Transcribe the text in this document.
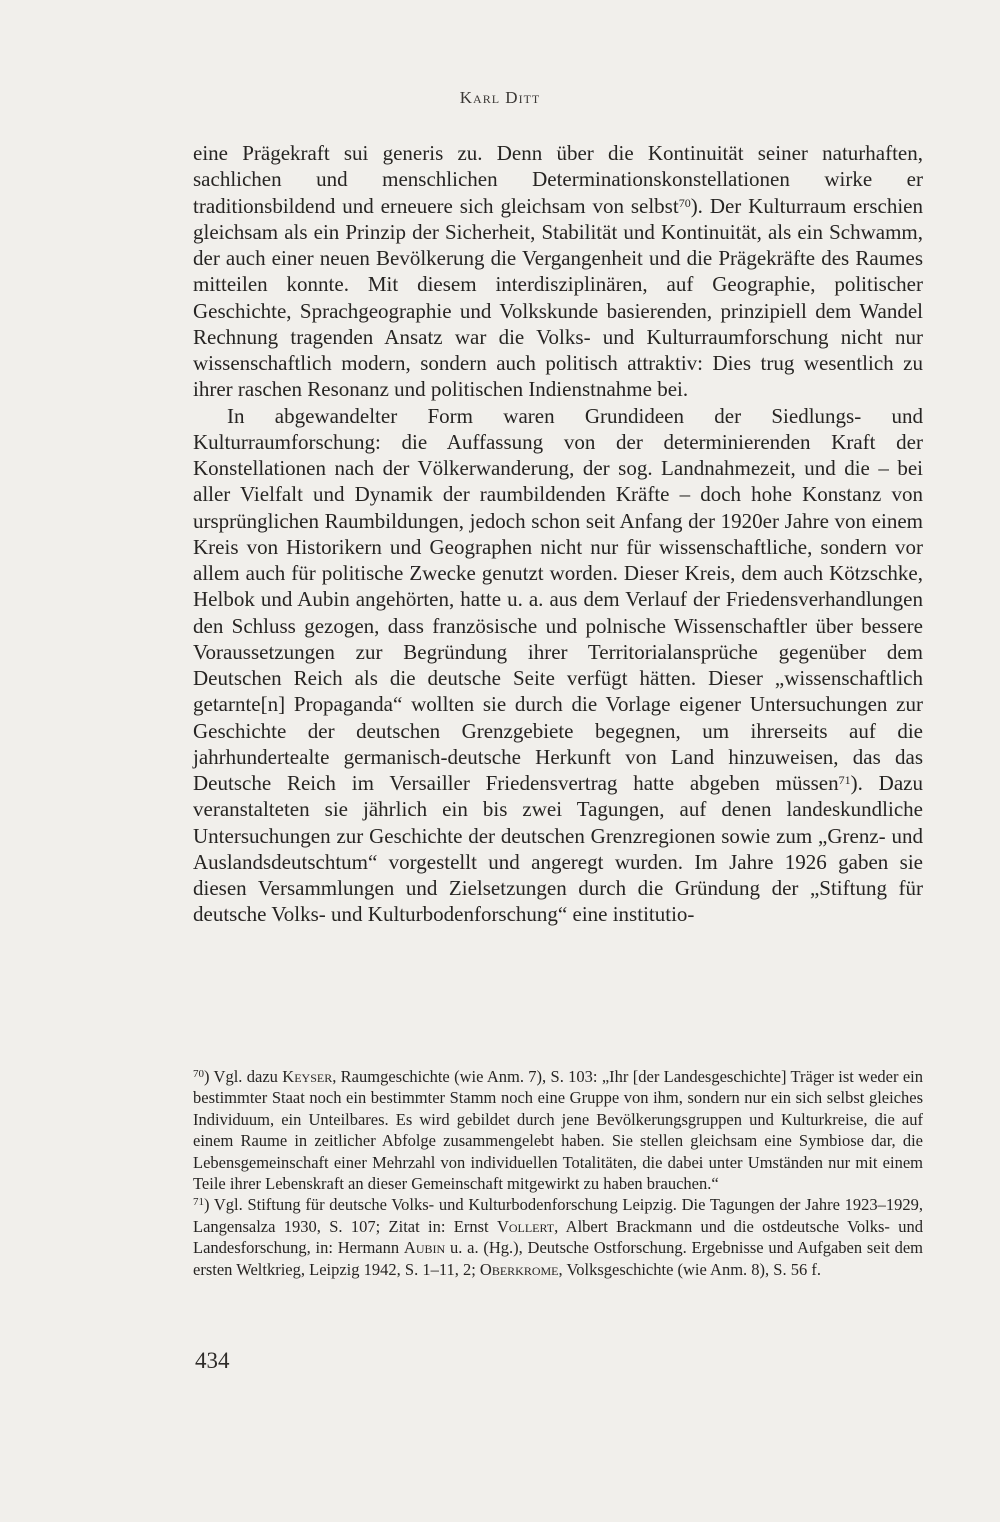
Karl Ditt

eine Prägekraft sui generis zu. Denn über die Kontinuität seiner naturhaften, sachlichen und menschlichen Determinationskonstellationen wirke er traditionsbildend und erneuere sich gleichsam von selbst$^{70}$). Der Kulturraum erschien gleichsam als ein Prinzip der Sicherheit, Stabilität und Kontinuität, als ein Schwamm, der auch einer neuen Bevölkerung die Vergangenheit und die Prägekräfte des Raumes mitteilen konnte. Mit diesem interdisziplinären, auf Geographie, politischer Geschichte, Sprachgeographie und Volkskunde basierenden, prinzipiell dem Wandel Rechnung tragenden Ansatz war die Volks- und Kulturraumforschung nicht nur wissenschaftlich modern, sondern auch politisch attraktiv: Dies trug wesentlich zu ihrer raschen Resonanz und politischen Indienstnahme bei.

In abgewandelter Form waren Grundideen der Siedlungs- und Kulturraumforschung: die Auffassung von der determinierenden Kraft der Konstellationen nach der Völkerwanderung, der sog. Landnahmezeit, und die – bei aller Vielfalt und Dynamik der raumbildenden Kräfte – doch hohe Konstanz von ursprünglichen Raumbildungen, jedoch schon seit Anfang der 1920er Jahre von einem Kreis von Historikern und Geographen nicht nur für wissenschaftliche, sondern vor allem auch für politische Zwecke genutzt worden. Dieser Kreis, dem auch Kötzschke, Helbok und Aubin angehörten, hatte u. a. aus dem Verlauf der Friedensverhandlungen den Schluss gezogen, dass französische und polnische Wissenschaftler über bessere Voraussetzungen zur Begründung ihrer Territorialansprüche gegenüber dem Deutschen Reich als die deutsche Seite verfügt hätten. Dieser „wissenschaftlich getarnte[n] Propaganda“ wollten sie durch die Vorlage eigener Untersuchungen zur Geschichte der deutschen Grenzgebiete begegnen, um ihrerseits auf die jahrhundertealte germanisch-deutsche Herkunft von Land hinzuweisen, das das Deutsche Reich im Versailler Friedensvertrag hatte abgeben müssen$^{71}$). Dazu veranstalteten sie jährlich ein bis zwei Tagungen, auf denen landeskundliche Untersuchungen zur Geschichte der deutschen Grenzregionen sowie zum „Grenz- und Auslandsdeutschtum“ vorgestellt und angeregt wurden. Im Jahre 1926 gaben sie diesen Versammlungen und Zielsetzungen durch die Gründung der „Stiftung für deutsche Volks- und Kulturbodenforschung“ eine institutio-

$^{70}$) Vgl. dazu Keyser, Raumgeschichte (wie Anm. 7), S. 103: „Ihr [der Landesgeschichte] Träger ist weder ein bestimmter Staat noch ein bestimmter Stamm noch eine Gruppe von ihm, sondern nur ein sich selbst gleiches Individuum, ein Unteilbares. Es wird gebildet durch jene Bevölkerungsgruppen und Kulturkreise, die auf einem Raume in zeitlicher Abfolge zusammengelebt haben. Sie stellen gleichsam eine Symbiose dar, die Lebensgemeinschaft einer Mehrzahl von individuellen Totalitäten, die dabei unter Umständen nur mit einem Teile ihrer Lebenskraft an dieser Gemeinschaft mitgewirkt zu haben brauchen.“

$^{71}$) Vgl. Stiftung für deutsche Volks- und Kulturbodenforschung Leipzig. Die Tagungen der Jahre 1923–1929, Langensalza 1930, S. 107; Zitat in: Ernst Vollert, Albert Brackmann und die ostdeutsche Volks- und Landesforschung, in: Hermann Aubin u. a. (Hg.), Deutsche Ostforschung. Ergebnisse und Aufgaben seit dem ersten Weltkrieg, Leipzig 1942, S. 1–11, 2; Oberkrome, Volksgeschichte (wie Anm. 8), S. 56 f.

434
